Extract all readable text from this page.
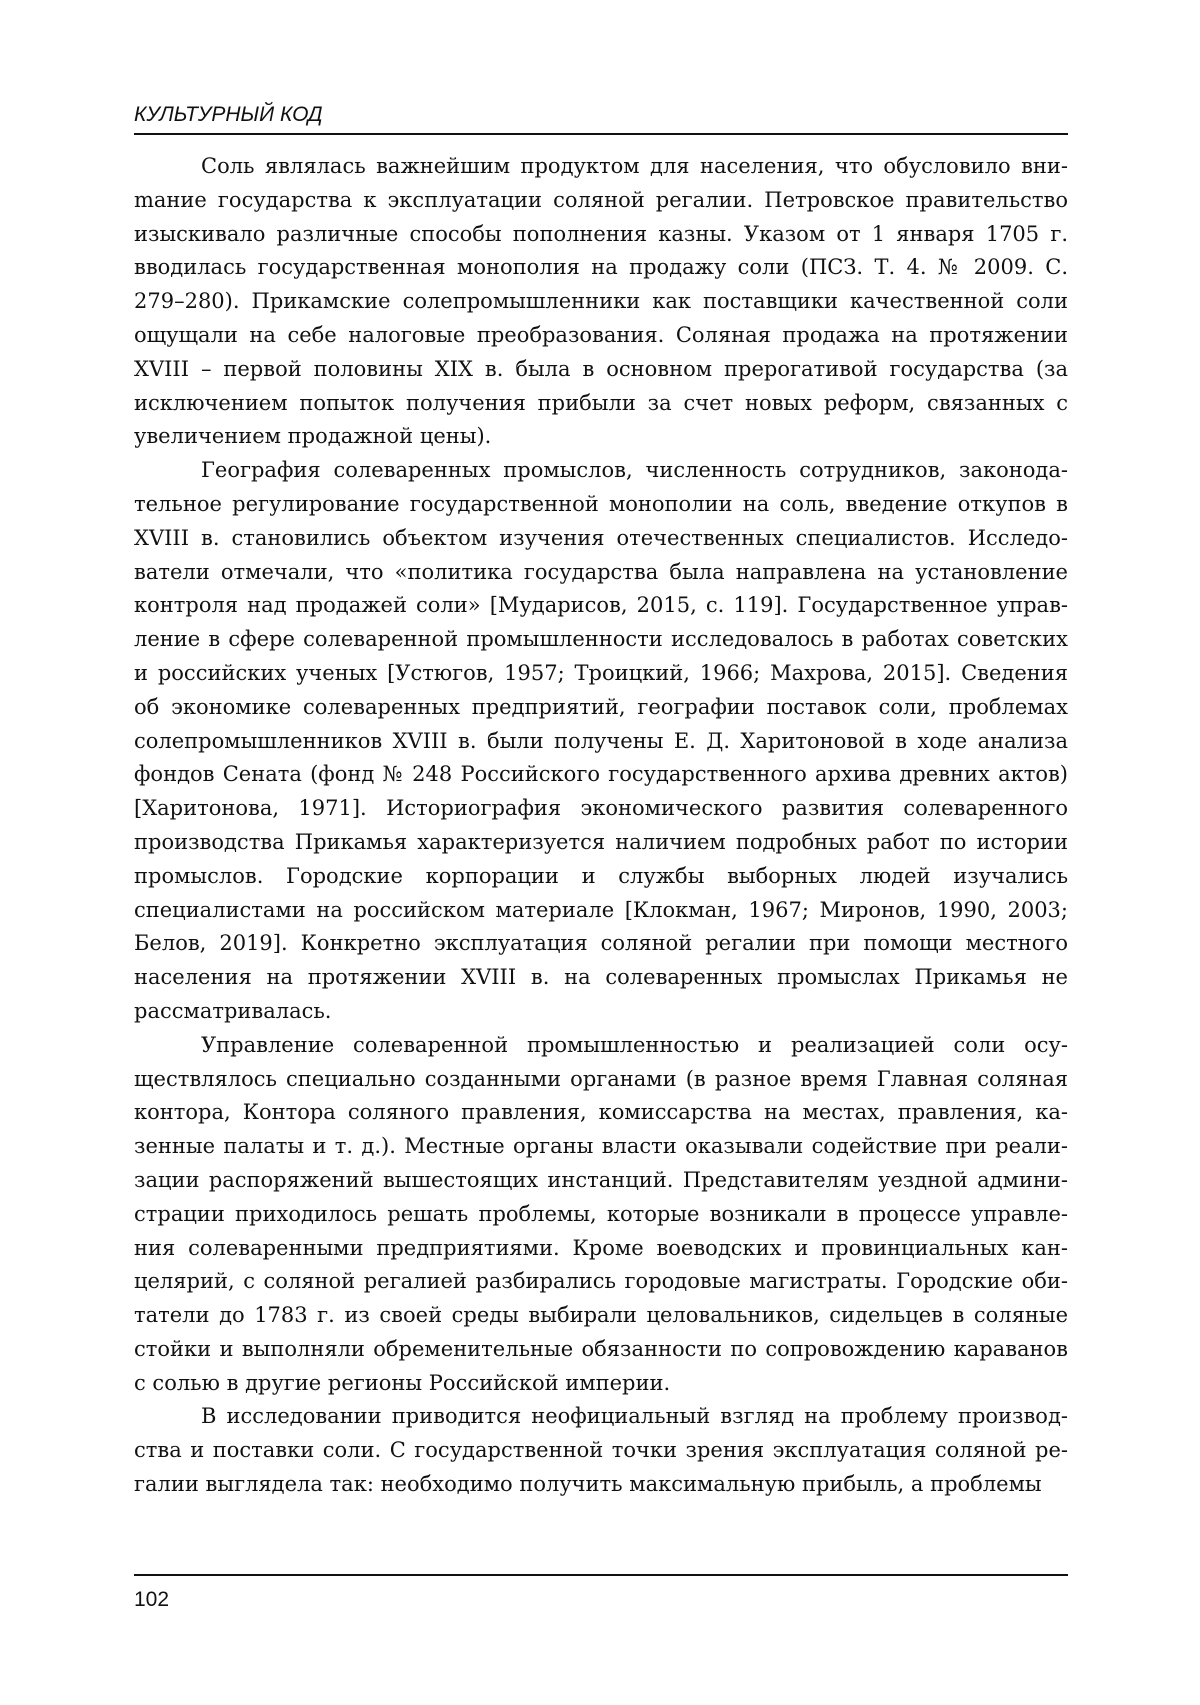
КУЛЬТУРНЫЙ КОД

Соль являлась важнейшим продуктом для населения, что обусловило вниmание государства к эксплуатации соляной регалии. Петровское правительство изыскивало различные способы пополнения казны. Указом от 1 января 1705 г. вводилась государственная монополия на продажу соли (ПСЗ. Т. 4. № 2009. С. 279–280). Прикамские солепромышленники как поставщики качественной соли ощущали на себе налоговые преобразования. Соляная продажа на протяжении XVIII – первой половины XIX в. была в основном прерогативой государства (за исключением попыток получения прибыли за счет новых реформ, связанных с увеличением продажной цены).

География солеваренных промыслов, численность сотрудников, законодательное регулирование государственной монополии на соль, введение откупов в XVIII в. становились объектом изучения отечественных специалистов. Исследователи отмечали, что «политика государства была направлена на установление контроля над продажей соли» [Мударисов, 2015, с. 119]. Государственное управление в сфере солеваренной промышленности исследовалось в работах советских и российских ученых [Устюгов, 1957; Троицкий, 1966; Махрова, 2015]. Сведения об экономике солеваренных предприятий, географии поставок соли, проблемах солепромышленников XVIII в. были получены Е. Д. Харитоновой в ходе анализа фондов Сената (фонд № 248 Российского государственного архива древних актов) [Харитонова, 1971]. Историография экономического развития солеваренного производства Прикамья характеризуется наличием подробных работ по истории промыслов. Городские корпорации и службы выборных людей изучались специалистами на российском материале [Клокман, 1967; Миронов, 1990, 2003; Белов, 2019]. Конкретно эксплуатация соляной регалии при помощи местного населения на протяжении XVIII в. на солеваренных промыслах Прикамья не рассматривалась.

Управление солеваренной промышленностью и реализацией соли осуществлялось специально созданными органами (в разное время Главная соляная контора, Контора соляного правления, комиссарства на местах, правления, казенные палаты и т. д.). Местные органы власти оказывали содействие при реализации распоряжений вышестоящих инстанций. Представителям уездной администрации приходилось решать проблемы, которые возникали в процессе управления солеваренными предприятиями. Кроме воеводских и провинциальных канцелярий, с соляной регалией разбирались городовые магистраты. Городские обитатели до 1783 г. из своей среды выбирали целовальников, сидельцев в соляные стойки и выполняли обременительные обязанности по сопровождению караванов с солью в другие регионы Российской империи.

В исследовании приводится неофициальный взгляд на проблему производства и поставки соли. С государственной точки зрения эксплуатация соляной регалии выглядела так: необходимо получить максимальную прибыль, а проблемы

102
